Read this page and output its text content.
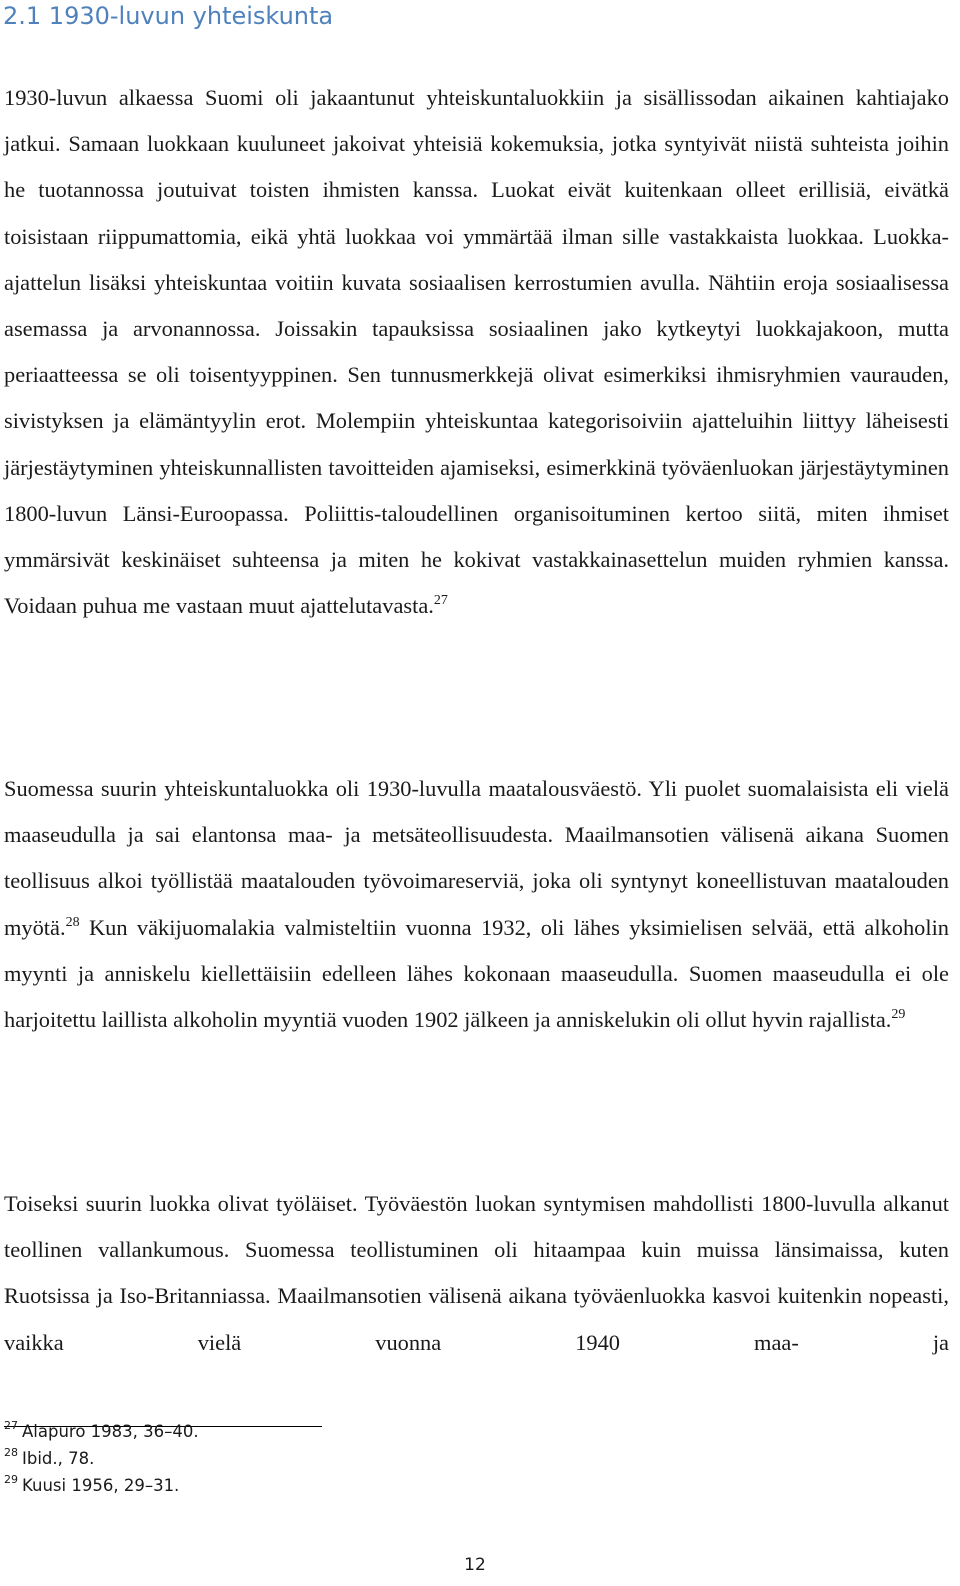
2.1 1930-luvun yhteiskunta

1930-luvun alkaessa Suomi oli jakaantunut yhteiskuntaluokkiin ja sisällissodan aikainen kahtiajako jatkui. Samaan luokkaan kuuluneet jakoivat yhteisiä kokemuksia, jotka syntyivät niistä suhteista joihin he tuotannossa joutuivat toisten ihmisten kanssa. Luokat eivät kuitenkaan olleet erillisiä, eivätkä toisistaan riippumattomia, eikä yhtä luokkaa voi ymmärtää ilman sille vastakkaista luokkaa. Luokka-ajattelun lisäksi yhteiskuntaa voitiin kuvata sosiaalisen kerrostumien avulla. Nähtiin eroja sosiaalisessa asemassa ja arvonannossa. Joissakin tapauksissa sosiaalinen jako kytkeytyi luokkajakoon, mutta periaatteessa se oli toisentyyppinen. Sen tunnusmerkkejä olivat esimerkiksi ihmisryhmien vaurauden, sivistyksen ja elämäntyylin erot. Molempiin yhteiskuntaa kategorisoiviin ajatteluihin liittyy läheisesti järjestäytyminen yhteiskunnallisten tavoitteiden ajamiseksi, esimerkkinä työväenluokan järjestäytyminen 1800-luvun Länsi-Euroopassa. Poliittis-taloudellinen organisoituminen kertoo siitä, miten ihmiset ymmärsivät keskinäiset suhteensa ja miten he kokivat vastakkainasettelun muiden ryhmien kanssa. Voidaan puhua me vastaan muut ajattelutavasta.$^{27}$

Suomessa suurin yhteiskuntaluokka oli 1930-luvulla maatalousväestö. Yli puolet suomalaisista eli vielä maaseudulla ja sai elantonsa maa- ja metsäteollisuudesta. Maailmansotien välisenä aikana Suomen teollisuus alkoi työllistää maatalouden työvoimareserviä, joka oli syntynyt koneellistuvan maatalouden myötä.$^{28}$ Kun väkijuomalakia valmisteltiin vuonna 1932, oli lähes yksimielisen selvää, että alkoholin myynti ja anniskelu kiellettäisiin edelleen lähes kokonaan maaseudulla. Suomen maaseudulla ei ole harjoitettu laillista alkoholin myyntiä vuoden 1902 jälkeen ja anniskelukin oli ollut hyvin rajallista.$^{29}$

Toiseksi suurin luokka olivat työläiset. Työväestön luokan syntymisen mahdollisti 1800-luvulla alkanut teollinen vallankumous. Suomessa teollistuminen oli hitaampaa kuin muissa länsimaissa, kuten Ruotsissa ja Iso-Britanniassa. Maailmansotien välisenä aikana työväenluokka kasvoi kuitenkin nopeasti, vaikka vielä vuonna 1940 maa- ja

$^{27}$ Alapuro 1983, 36–40.
$^{28}$ Ibid., 78.
$^{29}$ Kuusi 1956, 29–31.
12
